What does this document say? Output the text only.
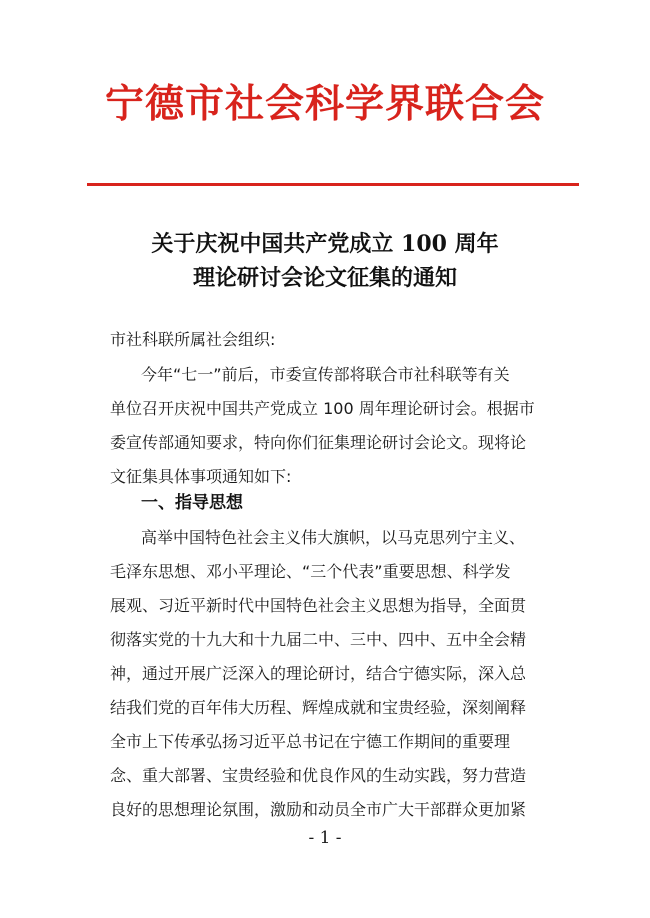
宁德市社会科学界联合会
关于庆祝中国共产党成立 100 周年
理论研讨会论文征集的通知
市社科联所属社会组织:
今年“七一”前后，市委宣传部将联合市社科联等有关
单位召开庆祝中国共产党成立 100 周年理论研讨会。根据市
委宣传部通知要求，特向你们征集理论研讨会论文。现将论
文征集具体事项通知如下:
一、指导思想
高举中国特色社会主义伟大旗帜，以马克思列宁主义、
毛泽东思想、邓小平理论、“三个代表”重要思想、科学发
展观、习近平新时代中国特色社会主义思想为指导，全面贯
彻落实党的十九大和十九届二中、三中、四中、五中全会精
神，通过开展广泛深入的理论研讨，结合宁德实际，深入总
结我们党的百年伟大历程、辉煌成就和宝贵经验，深刻阐释
全市上下传承弘扬习近平总书记在宁德工作期间的重要理
念、重大部署、宝贵经验和优良作风的生动实践，努力营造
良好的思想理论氛围，激励和动员全市广大干部群众更加紧
- 1 -
